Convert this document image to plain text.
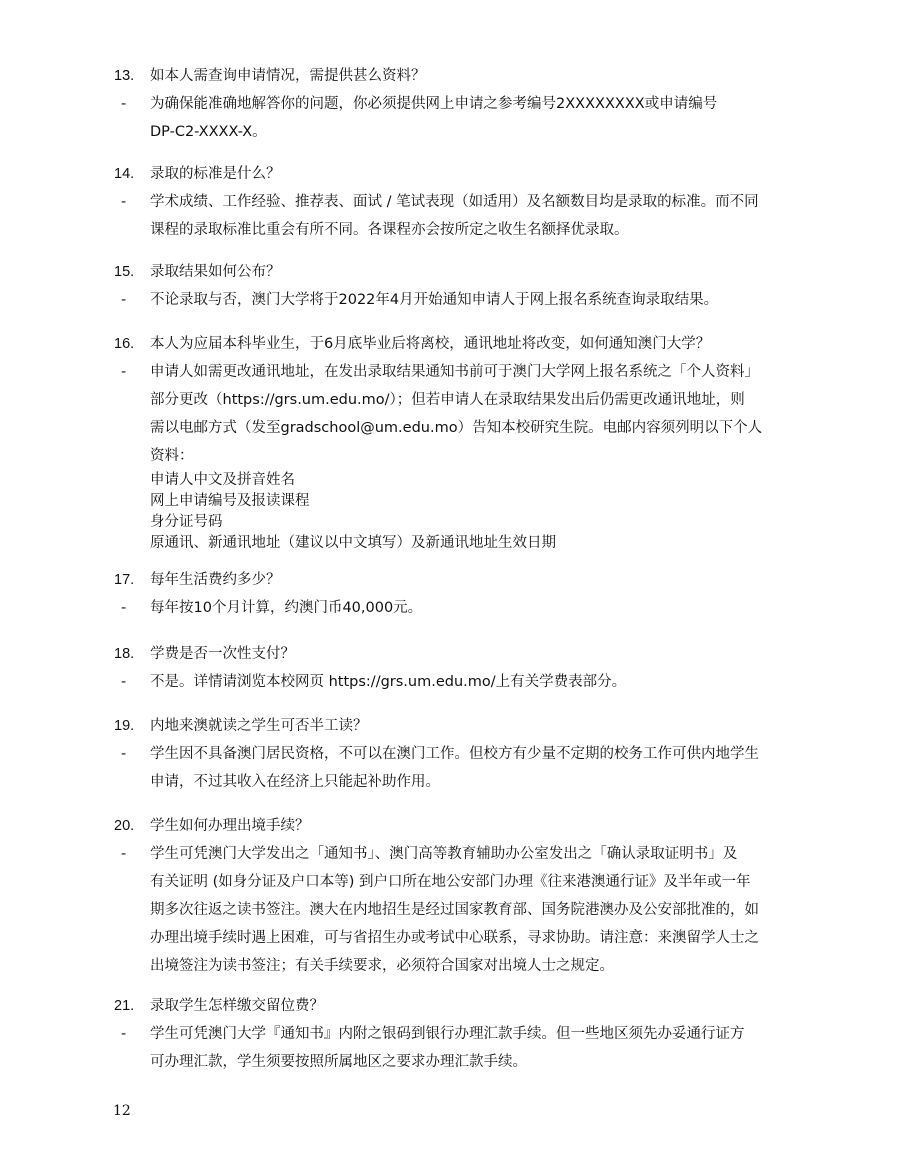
13. 如本人需查询申请情况，需提供甚么资料？
- 为确保能准确地解答你的问题，你必须提供网上申请之参考编号2XXXXXXXX或申请编号
DP-C2-XXXX-X。
14. 录取的标准是什么？
- 学术成绩、工作经验、推荐表、面试 / 笔试表现（如适用）及名额数目均是录取的标准。而不同
课程的录取标准比重会有所不同。各课程亦会按所定之收生名额择优录取。
15. 录取结果如何公布？
- 不论录取与否，澳门大学将于2022年4月开始通知申请人于网上报名系统查询录取结果。
16. 本人为应届本科毕业生，于6月底毕业后将离校，通讯地址将改变，如何通知澳门大学？
- 申请人如需更改通讯地址，在发出录取结果通知书前可于澳门大学网上报名系统之「个人资料」
部分更改（https://grs.um.edu.mo/）；但若申请人在录取结果发出后仍需更改通讯地址，则
需以电邮方式（发至gradschool@um.edu.mo）告知本校研究生院。电邮内容须列明以下个人
资料：
申请人中文及拼音姓名
网上申请编号及报读课程
身分证号码
原通讯、新通讯地址（建议以中文填写）及新通讯地址生效日期
17. 每年生活费约多少？
- 每年按10个月计算，约澳门币40,000元。
18. 学费是否一次性支付？
- 不是。详情请浏览本校网页 https://grs.um.edu.mo/上有关学费表部分。
19. 内地来澳就读之学生可否半工读？
- 学生因不具备澳门居民资格，不可以在澳门工作。但校方有少量不定期的校务工作可供内地学生
申请，不过其收入在经济上只能起补助作用。
20. 学生如何办理出境手续？
- 学生可凭澳门大学发出之「通知书」、澳门高等教育辅助办公室发出之「确认录取证明书」及
有关证明 (如身分证及户口本等) 到户口所在地公安部门办理《往来港澳通行证》及半年或一年
期多次往返之读书签注。澳大在内地招生是经过国家教育部、国务院港澳办及公安部批准的，如
办理出境手续时遇上困难，可与省招生办或考试中心联系，寻求协助。请注意：来澳留学人士之
出境签注为读书签注；有关手续要求，必须符合国家对出境人士之规定。
21. 录取学生怎样缴交留位费？
- 学生可凭澳门大学『通知书』内附之银码到银行办理汇款手续。但一些地区须先办妥通行证方
可办理汇款，学生须要按照所属地区之要求办理汇款手续。
12
